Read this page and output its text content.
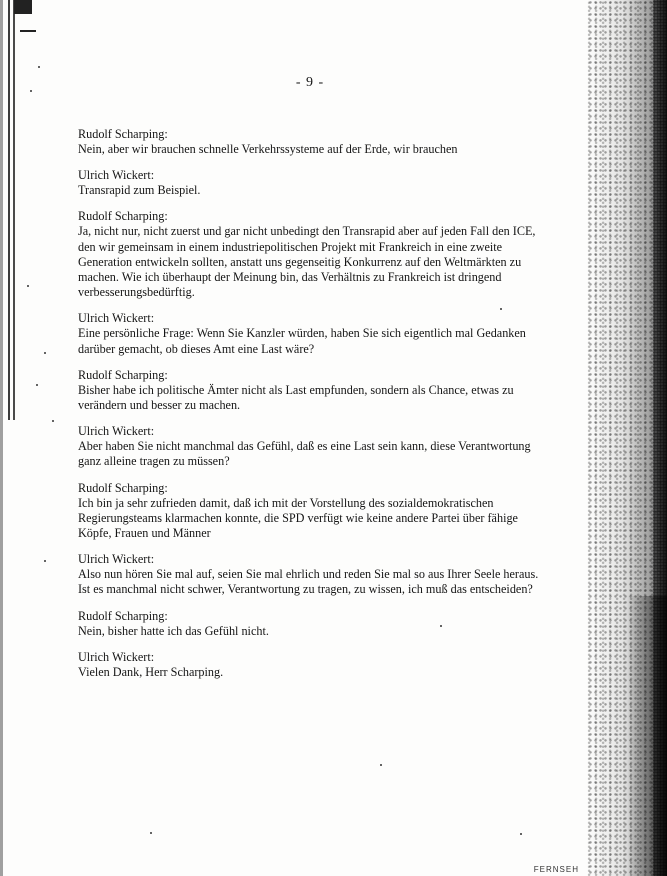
- 9 -
Rudolf Scharping:
Nein, aber wir brauchen schnelle Verkehrssysteme auf der Erde, wir brauchen
Ulrich Wickert:
Transrapid zum Beispiel.
Rudolf Scharping:
Ja, nicht nur, nicht zuerst und gar nicht unbedingt den Transrapid aber auf jeden Fall den ICE,
den wir gemeinsam in einem industriepolitischen Projekt mit Frankreich in eine zweite
Generation entwickeln sollten, anstatt uns gegenseitig Konkurrenz auf den Weltmärkten zu
machen. Wie ich überhaupt der Meinung bin, das Verhältnis zu Frankreich ist dringend
verbesserungsbedürftig.
Ulrich Wickert:
Eine persönliche Frage: Wenn Sie Kanzler würden, haben Sie sich eigentlich mal Gedanken
darüber gemacht, ob dieses Amt eine Last wäre?
Rudolf Scharping:
Bisher habe ich politische Ämter nicht als Last empfunden, sondern als Chance, etwas zu
verändern und besser zu machen.
Ulrich Wickert:
Aber haben Sie nicht manchmal das Gefühl, daß es eine Last sein kann, diese Verantwortung
ganz alleine tragen zu müssen?
Rudolf Scharping:
Ich bin ja sehr zufrieden damit, daß ich mit der Vorstellung des sozialdemokratischen
Regierungsteams klarmachen konnte, die SPD verfügt wie keine andere Partei über fähige
Köpfe, Frauen und Männer
Ulrich Wickert:
Also nun hören Sie mal auf, seien Sie mal ehrlich und reden Sie mal so aus Ihrer Seele heraus.
Ist es manchmal nicht schwer, Verantwortung zu tragen, zu wissen, ich muß das entscheiden?
Rudolf Scharping:
Nein, bisher hatte ich das Gefühl nicht.
Ulrich Wickert:
Vielen Dank, Herr Scharping.
FERNSEH
